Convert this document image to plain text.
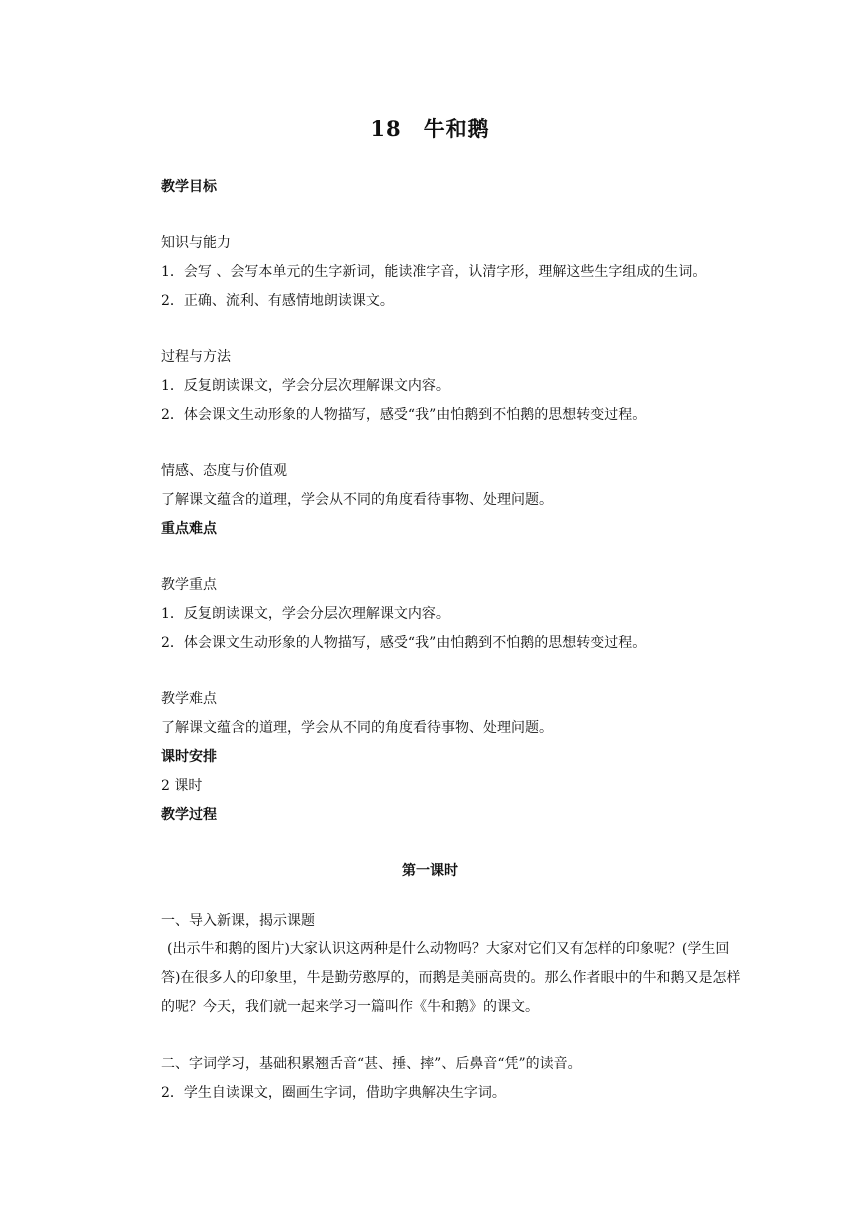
18 牛和鹅
教学目标
知识与能力
1．会写 、会写本单元的生字新词，能读准字音，认清字形，理解这些生字组成的生词。
2．正确、流利、有感情地朗读课文。
过程与方法
1．反复朗读课文，学会分层次理解课文内容。
2．体会课文生动形象的人物描写，感受“我”由怕鹅到不怕鹅的思想转变过程。
情感、态度与价值观
了解课文蕴含的道理，学会从不同的角度看待事物、处理问题。
重点难点
教学重点
1．反复朗读课文，学会分层次理解课文内容。
2．体会课文生动形象的人物描写，感受“我”由怕鹅到不怕鹅的思想转变过程。
教学难点
了解课文蕴含的道理，学会从不同的角度看待事物、处理问题。
课时安排
2 课时
教学过程
第一课时
一、导入新课，揭示课题
(出示牛和鹅的图片)大家认识这两种是什么动物吗？大家对它们又有怎样的印象呢？(学生回答)在很多人的印象里，牛是勤劳憨厚的，而鹅是美丽高贵的。那么作者眼中的牛和鹅又是怎样的呢？今天，我们就一起来学习一篇叫作《牛和鹅》的课文。
二、字词学习，基础积累翘舌音“甚、捶、摔”、后鼻音“凭”的读音。
2．学生自读课文，圈画生字词，借助字典解决生字词。
